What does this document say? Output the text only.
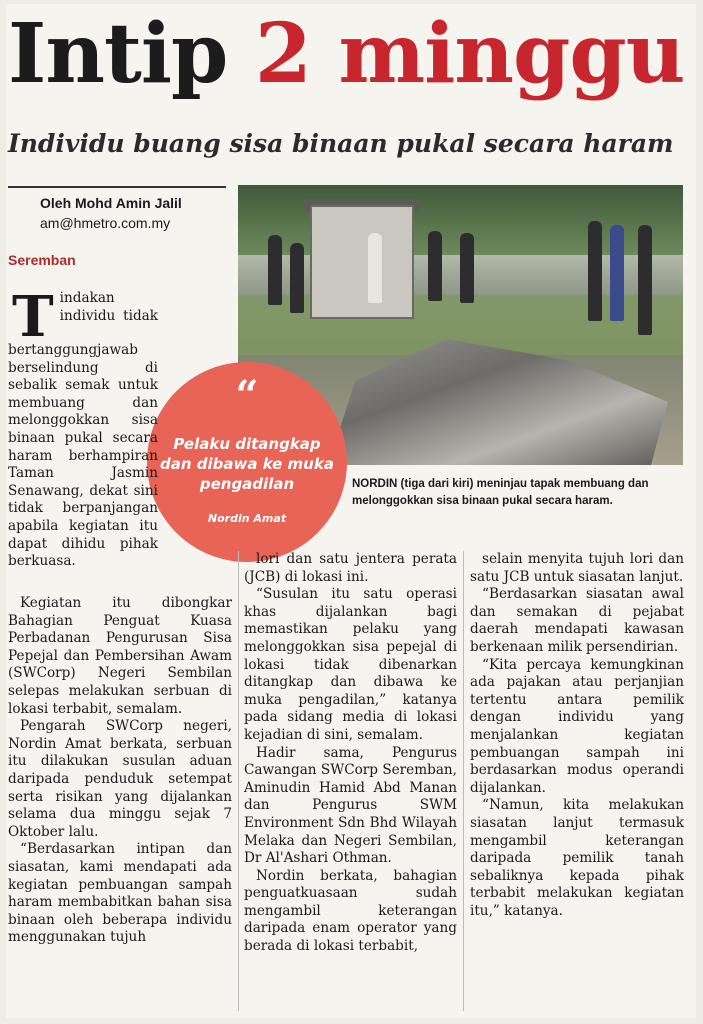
Intip 2 minggu
Individu buang sisa binaan pukal secara haram
Oleh Mohd Amin Jalil
am@hmetro.com.my
Seremban
“
Pelaku ditangkap dan dibawa ke muka pengadilan
Nordin Amat
NORDIN (tiga dari kiri) meninjau tapak membuang dan melonggokkan sisa binaan pukal secara haram.

T indakan individu tidak bertanggungjawab berselindung di sebalik semak untuk membuang dan melonggokkan sisa binaan pukal secara haram berhampiran Taman Jasmin Senawang, dekat sini tidak berpanjangan apabila kegiatan itu dapat dihidu pihak berkuasa.

Kegiatan itu dibongkar Bahagian Penguat Kuasa Perbadanan Pengurusan Sisa Pepejal dan Pembersihan Awam (SWCorp) Negeri Sembilan selepas melakukan serbuan di lokasi terbabit, semalam.

Pengarah SWCorp negeri, Nordin Amat berkata, serbuan itu dilakukan susulan aduan daripada penduduk setempat serta risikan yang dijalankan selama dua minggu sejak 7 Oktober lalu.

“Berdasarkan intipan dan siasatan, kami mendapati ada kegiatan pembuangan sampah haram membabitkan bahan sisa binaan oleh beberapa individu menggunakan tujuh

lori dan satu jentera perata (JCB) di lokasi ini.

“Susulan itu satu operasi khas dijalankan bagi memastikan pelaku yang melonggokkan sisa pepejal di lokasi tidak dibenarkan ditangkap dan dibawa ke muka pengadilan,” katanya pada sidang media di lokasi kejadian di sini, semalam.

Hadir sama, Pengurus Cawangan SWCorp Seremban, Aminudin Hamid Abd Manan dan Pengurus SWM Environment Sdn Bhd Wilayah Melaka dan Negeri Sembilan, Dr Al'Ashari Othman.

Nordin berkata, bahagian penguatkuasaan sudah mengambil keterangan daripada enam operator yang berada di lokasi terbabit,

selain menyita tujuh lori dan satu JCB untuk siasatan lanjut.

“Berdasarkan siasatan awal dan semakan di pejabat daerah mendapati kawasan berkenaan milik persendirian.

“Kita percaya kemungkinan ada pajakan atau perjanjian tertentu antara pemilik dengan individu yang menjalankan kegiatan pembuangan sampah ini berdasarkan modus operandi dijalankan.

“Namun, kita melakukan siasatan lanjut termasuk mengambil keterangan daripada pemilik tanah sebaliknya kepada pihak terbabit melakukan kegiatan itu,” katanya.
